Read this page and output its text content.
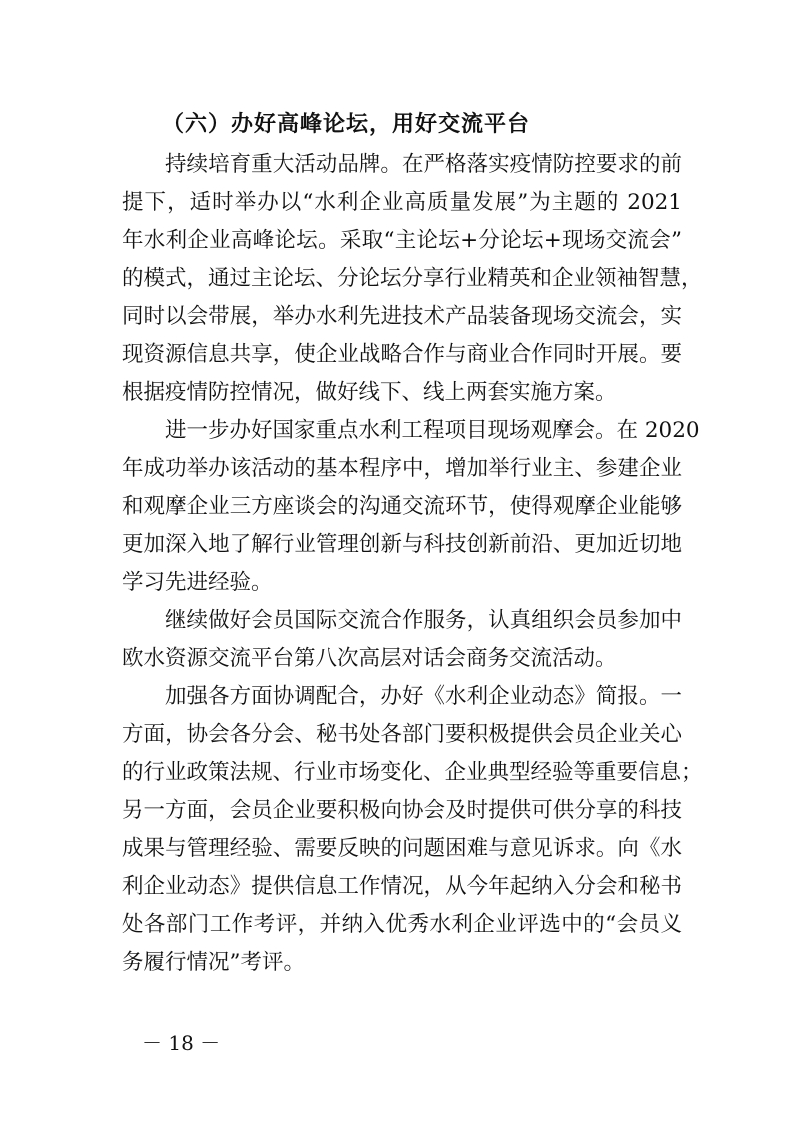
（六）办好高峰论坛，用好交流平台
持续培育重大活动品牌。在严格落实疫情防控要求的前
提下，适时举办以“水利企业高质量发展”为主题的 2021
年水利企业高峰论坛。采取“主论坛+分论坛+现场交流会”
的模式，通过主论坛、分论坛分享行业精英和企业领袖智慧，
同时以会带展，举办水利先进技术产品装备现场交流会，实
现资源信息共享，使企业战略合作与商业合作同时开展。要
根据疫情防控情况，做好线下、线上两套实施方案。
进一步办好国家重点水利工程项目现场观摩会。在 2020
年成功举办该活动的基本程序中，增加举行业主、参建企业
和观摩企业三方座谈会的沟通交流环节，使得观摩企业能够
更加深入地了解行业管理创新与科技创新前沿、更加近切地
学习先进经验。
继续做好会员国际交流合作服务，认真组织会员参加中
欧水资源交流平台第八次高层对话会商务交流活动。
加强各方面协调配合，办好《水利企业动态》简报。一
方面，协会各分会、秘书处各部门要积极提供会员企业关心
的行业政策法规、行业市场变化、企业典型经验等重要信息；
另一方面，会员企业要积极向协会及时提供可供分享的科技
成果与管理经验、需要反映的问题困难与意见诉求。向《水
利企业动态》提供信息工作情况，从今年起纳入分会和秘书
处各部门工作考评，并纳入优秀水利企业评选中的“会员义
务履行情况”考评。
－ 18 －
